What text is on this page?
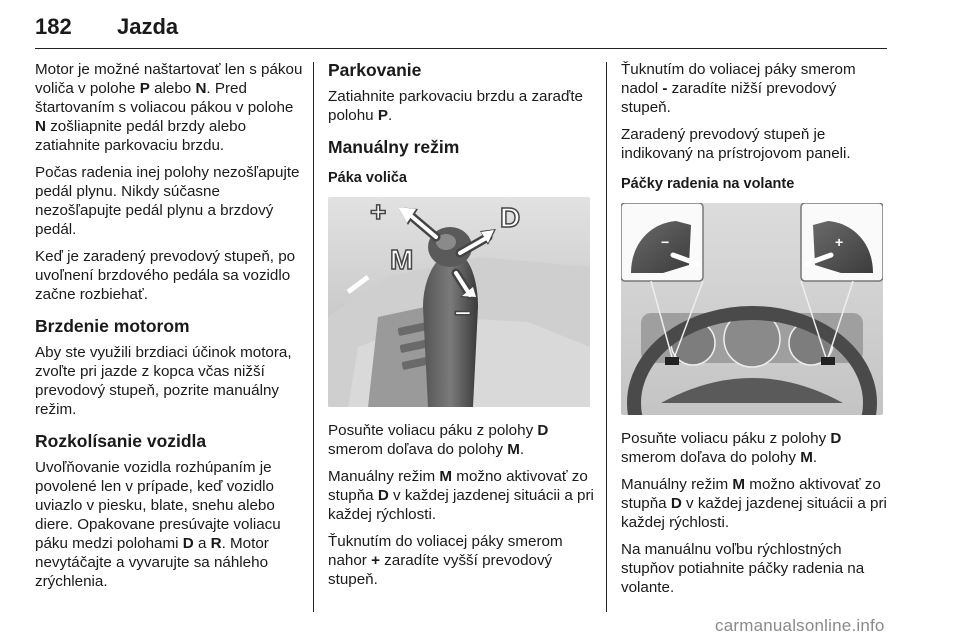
182 Jazda

Motor je možné naštartovať len s pákou voliča v polohe P alebo N. Pred štartovaním s voliacou pákou v polohe N zošliapnite pedál brzdy alebo zatiahnite parkovaciu brzdu.

Počas radenia inej polohy nezošľapujte pedál plynu. Nikdy súčasne nezošľapujte pedál plynu a brzdový pedál.

Keď je zaradený prevodový stupeň, po uvoľnení brzdového pedála sa vozidlo začne rozbiehať.

Brzdenie motorom

Aby ste využili brzdiaci účinok motora, zvoľte pri jazde z kopca včas nižší prevodový stupeň, pozrite manuálny režim.

Rozkolísanie vozidla

Uvoľňovanie vozidla rozhúpaním je povolené len v prípade, keď vozidlo uviazlo v piesku, blate, snehu alebo diere. Opakovane presúvajte voliacu páku medzi polohami D a R. Motor nevytáčajte a vyvarujte sa náhleho zrýchlenia.

Parkovanie

Zatiahnite parkovaciu brzdu a zaraďte polohu P.

Manuálny režim
Páka voliča
+	D
M
−

Posuňte voliacu páku z polohy D smerom doľava do polohy M.

Manuálny režim M možno aktivovať zo stupňa D v každej jazdenej situácii a pri každej rýchlosti.

Ťuknutím do voliacej páky smerom nahor + zaradíte vyšší prevodový stupeň.

Ťuknutím do voliacej páky smerom nadol - zaradíte nižší prevodový stupeň.

Zaradený prevodový stupeň je indikovaný na prístrojovom paneli.

Páčky radenia na volante
−	+

Posuňte voliacu páku z polohy D smerom doľava do polohy M.

Manuálny režim M možno aktivovať zo stupňa D v každej jazdenej situácii a pri každej rýchlosti.

Na manuálnu voľbu rýchlostných stupňov potiahnite páčky radenia na volante.

carmanualsonline.info
